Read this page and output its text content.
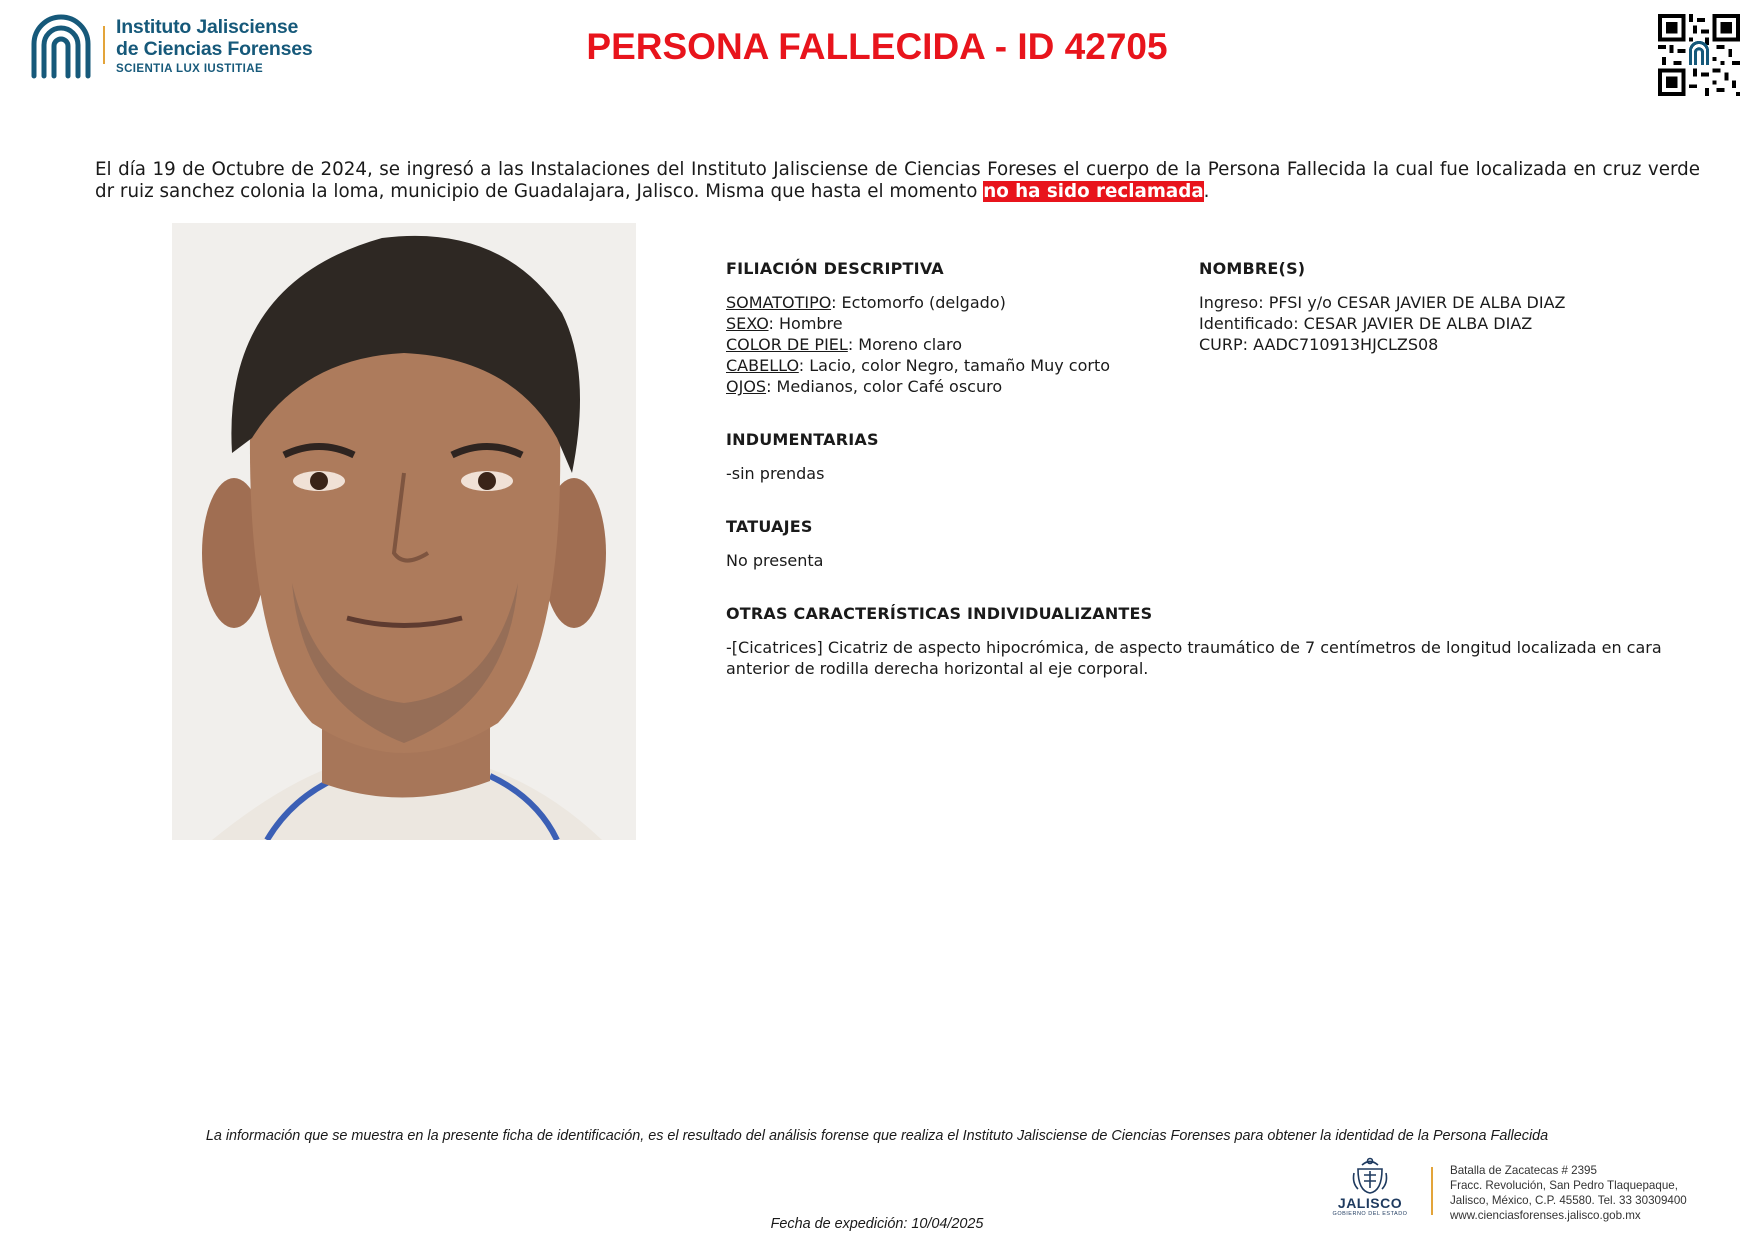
Instituto Jalisciense
de Ciencias Forenses
SCIENTIA LUX IUSTITIAE
PERSONA FALLECIDA - ID 42705

El día 19 de Octubre de 2024, se ingresó a las Instalaciones del Instituto Jalisciense de Ciencias Foreses el cuerpo de la Persona Fallecida la cual fue localizada en cruz verde dr ruiz sanchez colonia la loma, municipio de Guadalajara, Jalisco. Misma que hasta el momento no ha sido reclamada.

FILIACIÓN DESCRIPTIVA
SOMATOTIPO: Ectomorfo (delgado)
SEXO: Hombre
COLOR DE PIEL: Moreno claro
CABELLO: Lacio, color Negro, tamaño Muy corto
OJOS: Medianos, color Café oscuro
NOMBRE(S)
Ingreso: PFSI y/o CESAR JAVIER DE ALBA DIAZ
Identificado: CESAR JAVIER DE ALBA DIAZ
CURP: AADC710913HJCLZS08
INDUMENTARIAS

-sin prendas

TATUAJES

No presenta

OTRAS CARACTERÍSTICAS INDIVIDUALIZANTES

-[Cicatrices] Cicatriz de aspecto hipocrómica, de aspecto traumático de 7 centímetros de longitud localizada en cara anterior de rodilla derecha horizontal al eje corporal.

La información que se muestra en la presente ficha de identificación, es el resultado del análisis forense que realiza el Instituto Jalisciense de Ciencias Forenses para obtener la identidad de la Persona Fallecida

JALISCO
GOBIERNO DEL ESTADO
Batalla de Zacatecas # 2395
Fracc. Revolución, San Pedro Tlaquepaque,
Jalisco, México, C.P. 45580. Tel. 33 30309400
www.cienciasforenses.jalisco.gob.mx

Fecha de expedición: 10/04/2025
